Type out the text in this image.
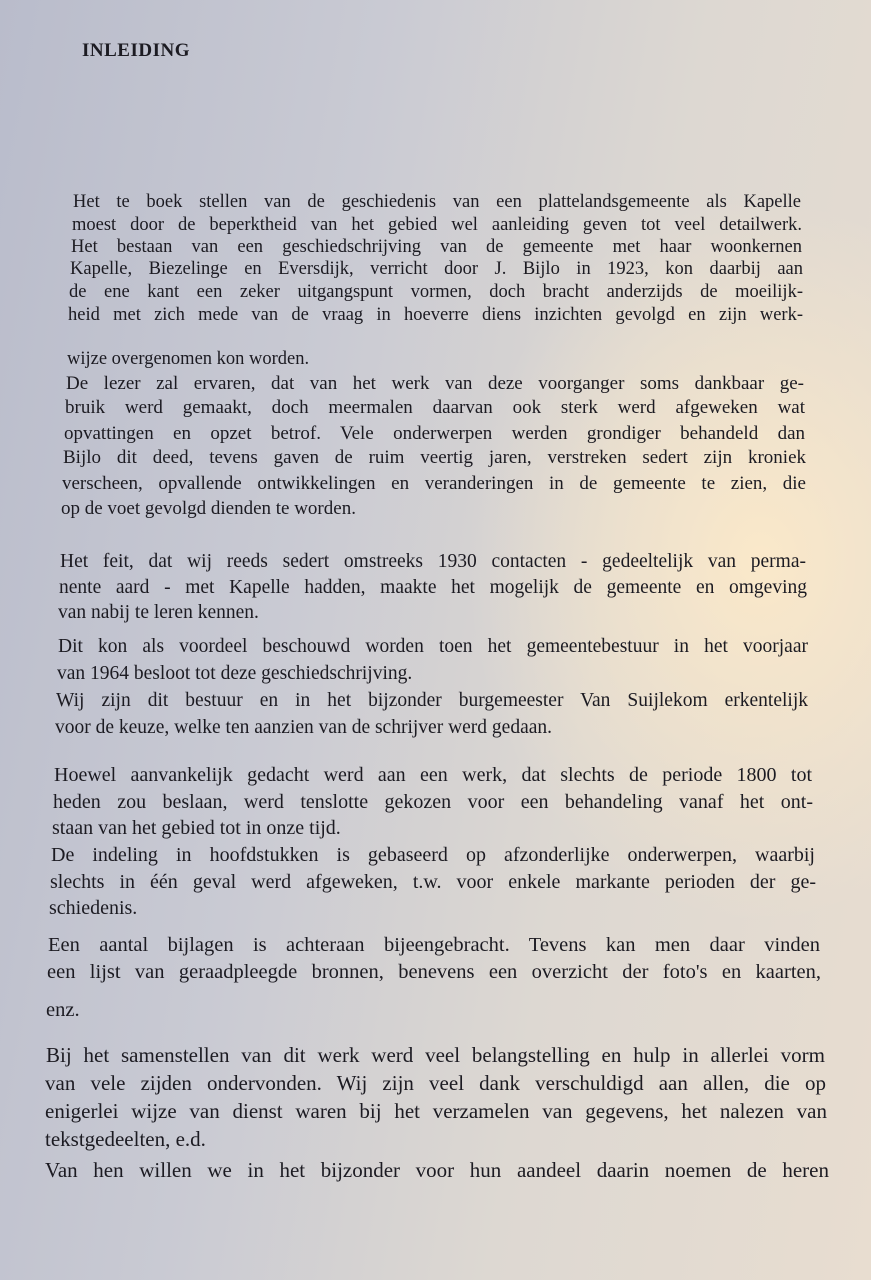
INLEIDING
Het te boek stellen van de geschiedenis van een plattelandsgemeente als Kapelle
moest door de beperktheid van het gebied wel aanleiding geven tot veel detailwerk.
Het bestaan van een geschiedschrijving van de gemeente met haar woonkernen
Kapelle, Biezelinge en Eversdijk, verricht door J. Bijlo in 1923, kon daarbij aan
de ene kant een zeker uitgangspunt vormen, doch bracht anderzijds de moeilijk-
heid met zich mede van de vraag in hoeverre diens inzichten gevolgd en zijn werk-
wijze overgenomen kon worden.
De lezer zal ervaren, dat van het werk van deze voorganger soms dankbaar ge-
bruik werd gemaakt, doch meermalen daarvan ook sterk werd afgeweken wat
opvattingen en opzet betrof. Vele onderwerpen werden grondiger behandeld dan
Bijlo dit deed, tevens gaven de ruim veertig jaren, verstreken sedert zijn kroniek
verscheen, opvallende ontwikkelingen en veranderingen in de gemeente te zien, die
op de voet gevolgd dienden te worden.
Het feit, dat wij reeds sedert omstreeks 1930 contacten - gedeeltelijk van perma-
nente aard - met Kapelle hadden, maakte het mogelijk de gemeente en omgeving
van nabij te leren kennen.
Dit kon als voordeel beschouwd worden toen het gemeentebestuur in het voorjaar
van 1964 besloot tot deze geschiedschrijving.
Wij zijn dit bestuur en in het bijzonder burgemeester Van Suijlekom erkentelijk
voor de keuze, welke ten aanzien van de schrijver werd gedaan.
Hoewel aanvankelijk gedacht werd aan een werk, dat slechts de periode 1800 tot
heden zou beslaan, werd tenslotte gekozen voor een behandeling vanaf het ont-
staan van het gebied tot in onze tijd.
De indeling in hoofdstukken is gebaseerd op afzonderlijke onderwerpen, waarbij
slechts in één geval werd afgeweken, t.w. voor enkele markante perioden der ge-
schiedenis.
Een aantal bijlagen is achteraan bijeengebracht. Tevens kan men daar vinden
een lijst van geraadpleegde bronnen, benevens een overzicht der foto's en kaarten,
enz.
Bij het samenstellen van dit werk werd veel belangstelling en hulp in allerlei vorm
van vele zijden ondervonden. Wij zijn veel dank verschuldigd aan allen, die op
enigerlei wijze van dienst waren bij het verzamelen van gegevens, het nalezen van
tekstgedeelten, e.d.
Van hen willen we in het bijzonder voor hun aandeel daarin noemen de heren
